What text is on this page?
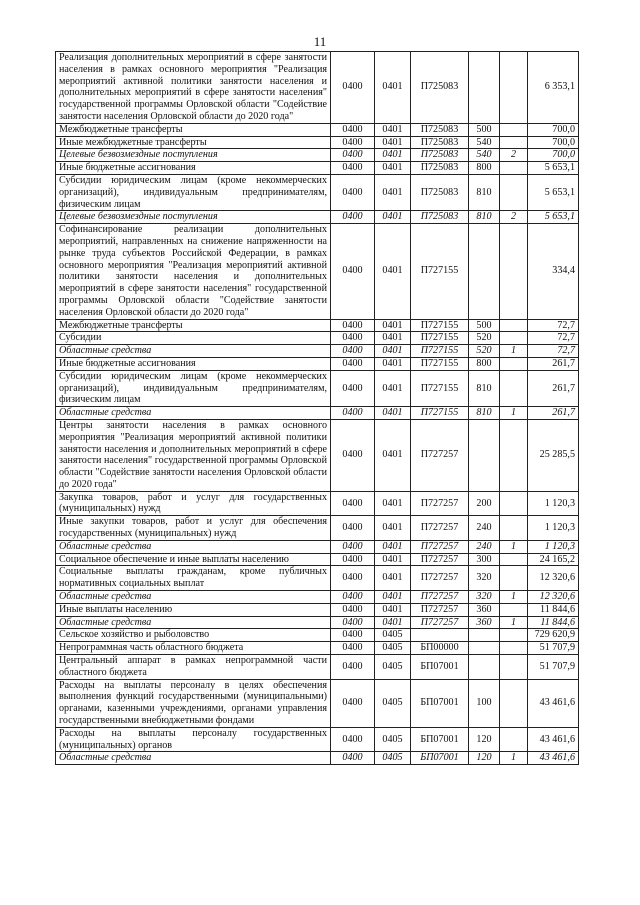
11
Реализация дополнительных мероприятий в сфере занятости населения в рамках основного мероприятия "Реализация мероприятий активной политики занятости населения и дополнительных мероприятий в сфере занятости населения" государственной программы Орловской области "Содействие занятости населения Орловской области до 2020 года"	0400	0401	П725083			6 353,1
Межбюджетные трансферты	0400	0401	П725083	500		700,0
Иные межбюджетные трансферты	0400	0401	П725083	540		700,0
Целевые безвозмездные поступления	0400	0401	П725083	540	2	700,0
Иные бюджетные ассигнования	0400	0401	П725083	800		5 653,1
Субсидии юридическим лицам (кроме некоммерческих организаций), индивидуальным предпринимателям, физическим лицам	0400	0401	П725083	810		5 653,1
Целевые безвозмездные поступления	0400	0401	П725083	810	2	5 653,1
Софинансирование реализации дополнительных мероприятий, направленных на снижение напряженности на рынке труда субъектов Российской Федерации, в рамках основного мероприятия "Реализация мероприятий активной политики занятости населения и дополнительных мероприятий в сфере занятости населения" государственной программы Орловской области "Содействие занятости населения Орловской области до 2020 года"	0400	0401	П727155			334,4
Межбюджетные трансферты	0400	0401	П727155	500		72,7
Субсидии	0400	0401	П727155	520		72,7
Областные средства	0400	0401	П727155	520	1	72,7
Иные бюджетные ассигнования	0400	0401	П727155	800		261,7
Субсидии юридическим лицам (кроме некоммерческих организаций), индивидуальным предпринимателям, физическим лицам	0400	0401	П727155	810		261,7
Областные средства	0400	0401	П727155	810	1	261,7
Центры занятости населения в рамках основного мероприятия "Реализация мероприятий активной политики занятости населения и дополнительных мероприятий в сфере занятости населения" государственной программы Орловской области "Содействие занятости населения Орловской области до 2020 года"	0400	0401	П727257			25 285,5
Закупка товаров, работ и услуг для государственных (муниципальных) нужд	0400	0401	П727257	200		1 120,3
Иные закупки товаров, работ и услуг для обеспечения государственных (муниципальных) нужд	0400	0401	П727257	240		1 120,3
Областные средства	0400	0401	П727257	240	1	1 120,3
Социальное обеспечение и иные выплаты населению	0400	0401	П727257	300		24 165,2
Социальные выплаты гражданам, кроме публичных нормативных социальных выплат	0400	0401	П727257	320		12 320,6
Областные средства	0400	0401	П727257	320	1	12 320,6
Иные выплаты населению	0400	0401	П727257	360		11 844,6
Областные средства	0400	0401	П727257	360	1	11 844,6
Сельское хозяйство и рыболовство	0400	0405				729 620,9
Непрограммная часть областного бюджета	0400	0405	БП00000			51 707,9
Центральный аппарат в рамках непрограммной части областного бюджета	0400	0405	БП07001			51 707,9
Расходы на выплаты персоналу в целях обеспечения выполнения функций государственными (муниципальными) органами, казенными учреждениями, органами управления государственными внебюджетными фондами	0400	0405	БП07001	100		43 461,6
Расходы на выплаты персоналу государственных (муниципальных) органов	0400	0405	БП07001	120		43 461,6
Областные средства	0400	0405	БП07001	120	1	43 461,6
